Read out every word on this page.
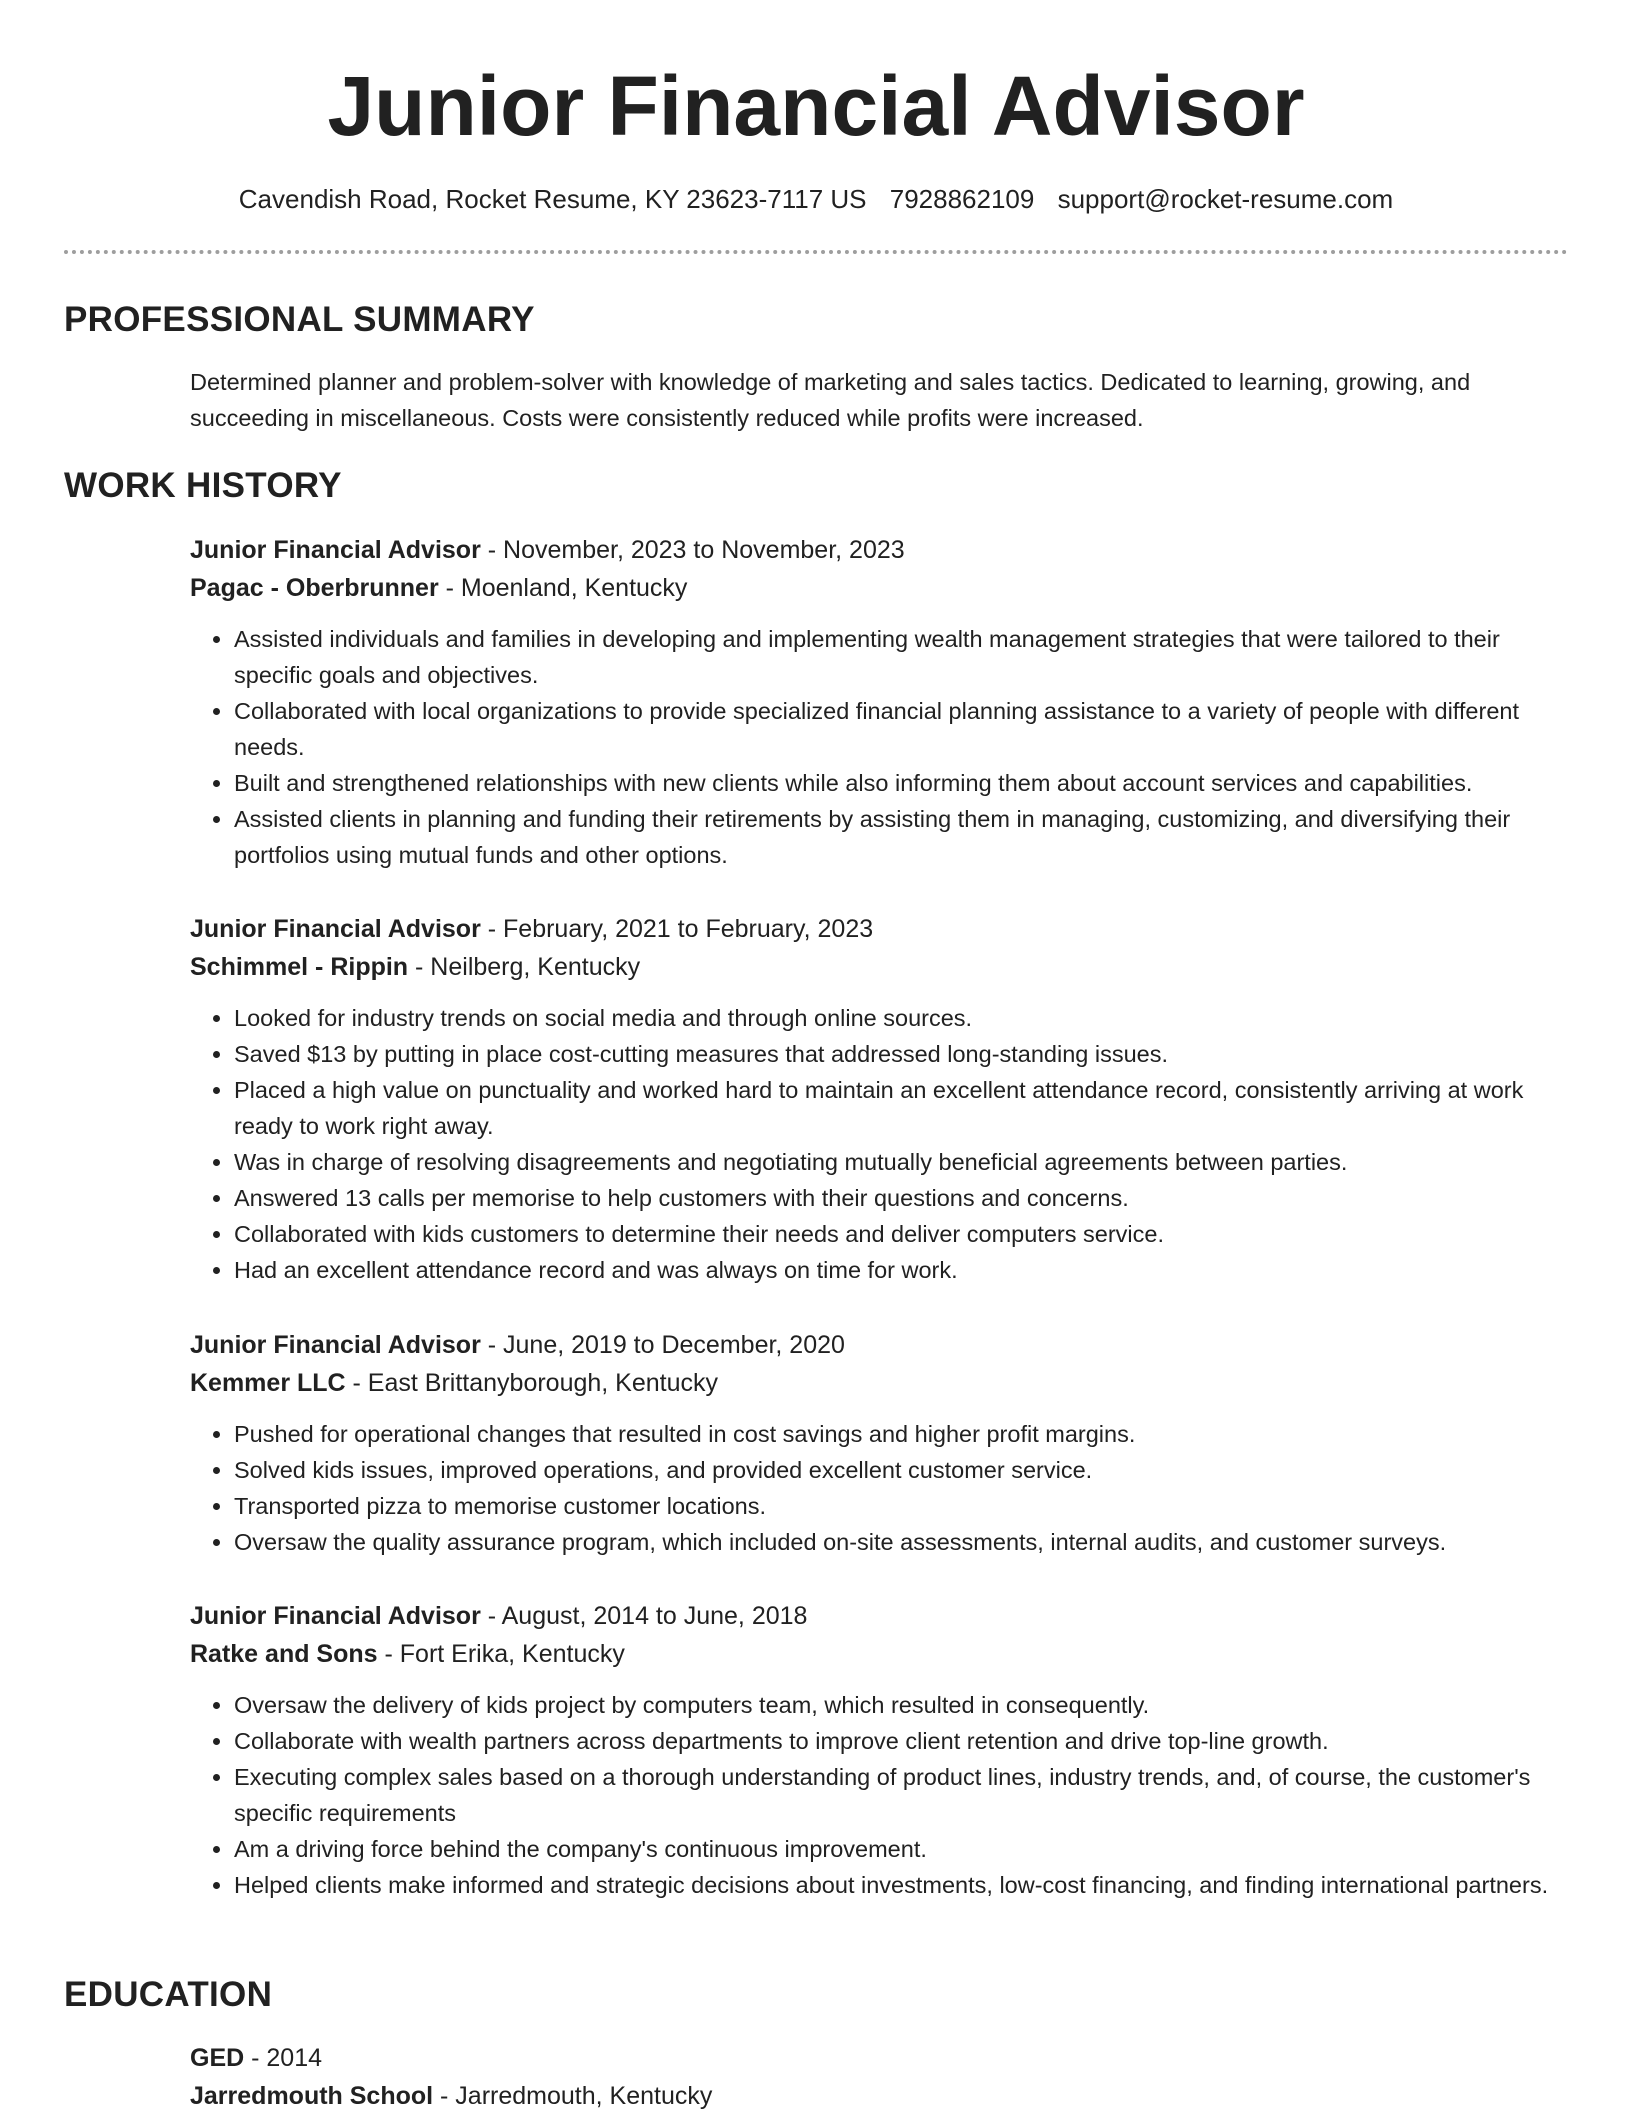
Junior Financial Advisor
Cavendish Road, Rocket Resume, KY 23623-7117 US 7928862109 support@rocket-resume.com
PROFESSIONAL SUMMARY

Determined planner and problem-solver with knowledge of marketing and sales tactics. Dedicated to learning, growing, and succeeding in miscellaneous. Costs were consistently reduced while profits were increased.

WORK HISTORY

Junior Financial Advisor - November, 2023 to November, 2023

Pagac - Oberbrunner - Moenland, Kentucky

• Assisted individuals and families in developing and implementing wealth management strategies that were tailored to their specific goals and objectives.
• Collaborated with local organizations to provide specialized financial planning assistance to a variety of people with different needs.
• Built and strengthened relationships with new clients while also informing them about account services and capabilities.
• Assisted clients in planning and funding their retirements by assisting them in managing, customizing, and diversifying their portfolios using mutual funds and other options.

Junior Financial Advisor - February, 2021 to February, 2023

Schimmel - Rippin - Neilberg, Kentucky

• Looked for industry trends on social media and through online sources.
• Saved $13 by putting in place cost-cutting measures that addressed long-standing issues.
• Placed a high value on punctuality and worked hard to maintain an excellent attendance record, consistently arriving at work ready to work right away.
• Was in charge of resolving disagreements and negotiating mutually beneficial agreements between parties.
• Answered 13 calls per memorise to help customers with their questions and concerns.
• Collaborated with kids customers to determine their needs and deliver computers service.
• Had an excellent attendance record and was always on time for work.

Junior Financial Advisor - June, 2019 to December, 2020

Kemmer LLC - East Brittanyborough, Kentucky

• Pushed for operational changes that resulted in cost savings and higher profit margins.
• Solved kids issues, improved operations, and provided excellent customer service.
• Transported pizza to memorise customer locations.
• Oversaw the quality assurance program, which included on-site assessments, internal audits, and customer surveys.

Junior Financial Advisor - August, 2014 to June, 2018

Ratke and Sons - Fort Erika, Kentucky

• Oversaw the delivery of kids project by computers team, which resulted in consequently.
• Collaborate with wealth partners across departments to improve client retention and drive top-line growth.
• Executing complex sales based on a thorough understanding of product lines, industry trends, and, of course, the customer's specific requirements
• Am a driving force behind the company's continuous improvement.
• Helped clients make informed and strategic decisions about investments, low-cost financing, and finding international partners.
EDUCATION

GED - 2014

Jarredmouth School - Jarredmouth, Kentucky
